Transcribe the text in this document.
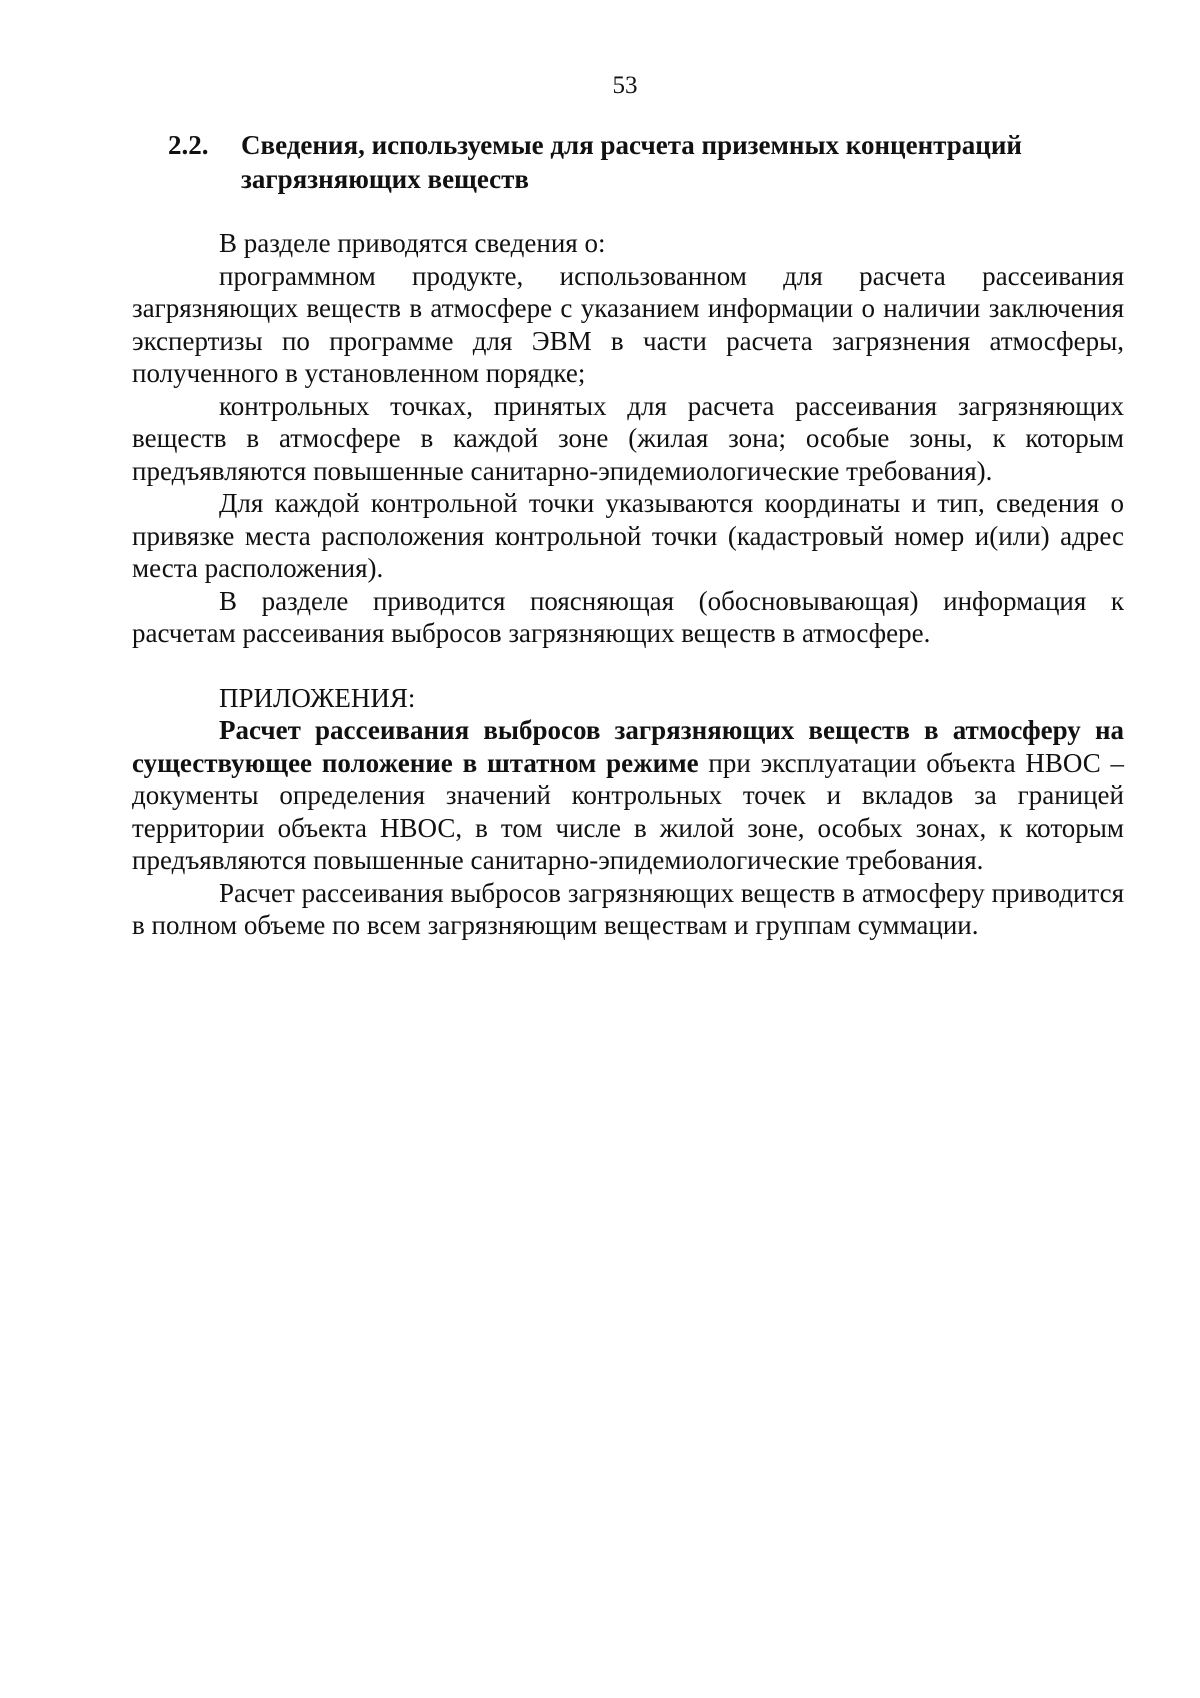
53
2.2.	Сведения, используемые для расчета приземных концентраций загрязняющих веществ

В разделе приводятся сведения о:

программном продукте, использованном для расчета рассеивания загрязняющих веществ в атмосфере с указанием информации о наличии заключения экспертизы по программе для ЭВМ в части расчета загрязнения атмосферы, полученного в установленном порядке;

контрольных точках, принятых для расчета рассеивания загрязняющих веществ в атмосфере в каждой зоне (жилая зона; особые зоны, к которым предъявляются повышенные санитарно-эпидемиологические требования).

Для каждой контрольной точки указываются координаты и тип, сведения о привязке места расположения контрольной точки (кадастровый номер и(или) адрес места расположения).

В разделе приводится поясняющая (обосновывающая) информация к расчетам рассеивания выбросов загрязняющих веществ в атмосфере.

ПРИЛОЖЕНИЯ:

Расчет рассеивания выбросов загрязняющих веществ в атмосферу на существующее положение в штатном режиме при эксплуатации объекта НВОС – документы определения значений контрольных точек и вкладов за границей территории объекта НВОС, в том числе в жилой зоне, особых зонах, к которым предъявляются повышенные санитарно-эпидемиологические требования.

Расчет рассеивания выбросов загрязняющих веществ в атмосферу приводится в полном объеме по всем загрязняющим веществам и группам суммации.
